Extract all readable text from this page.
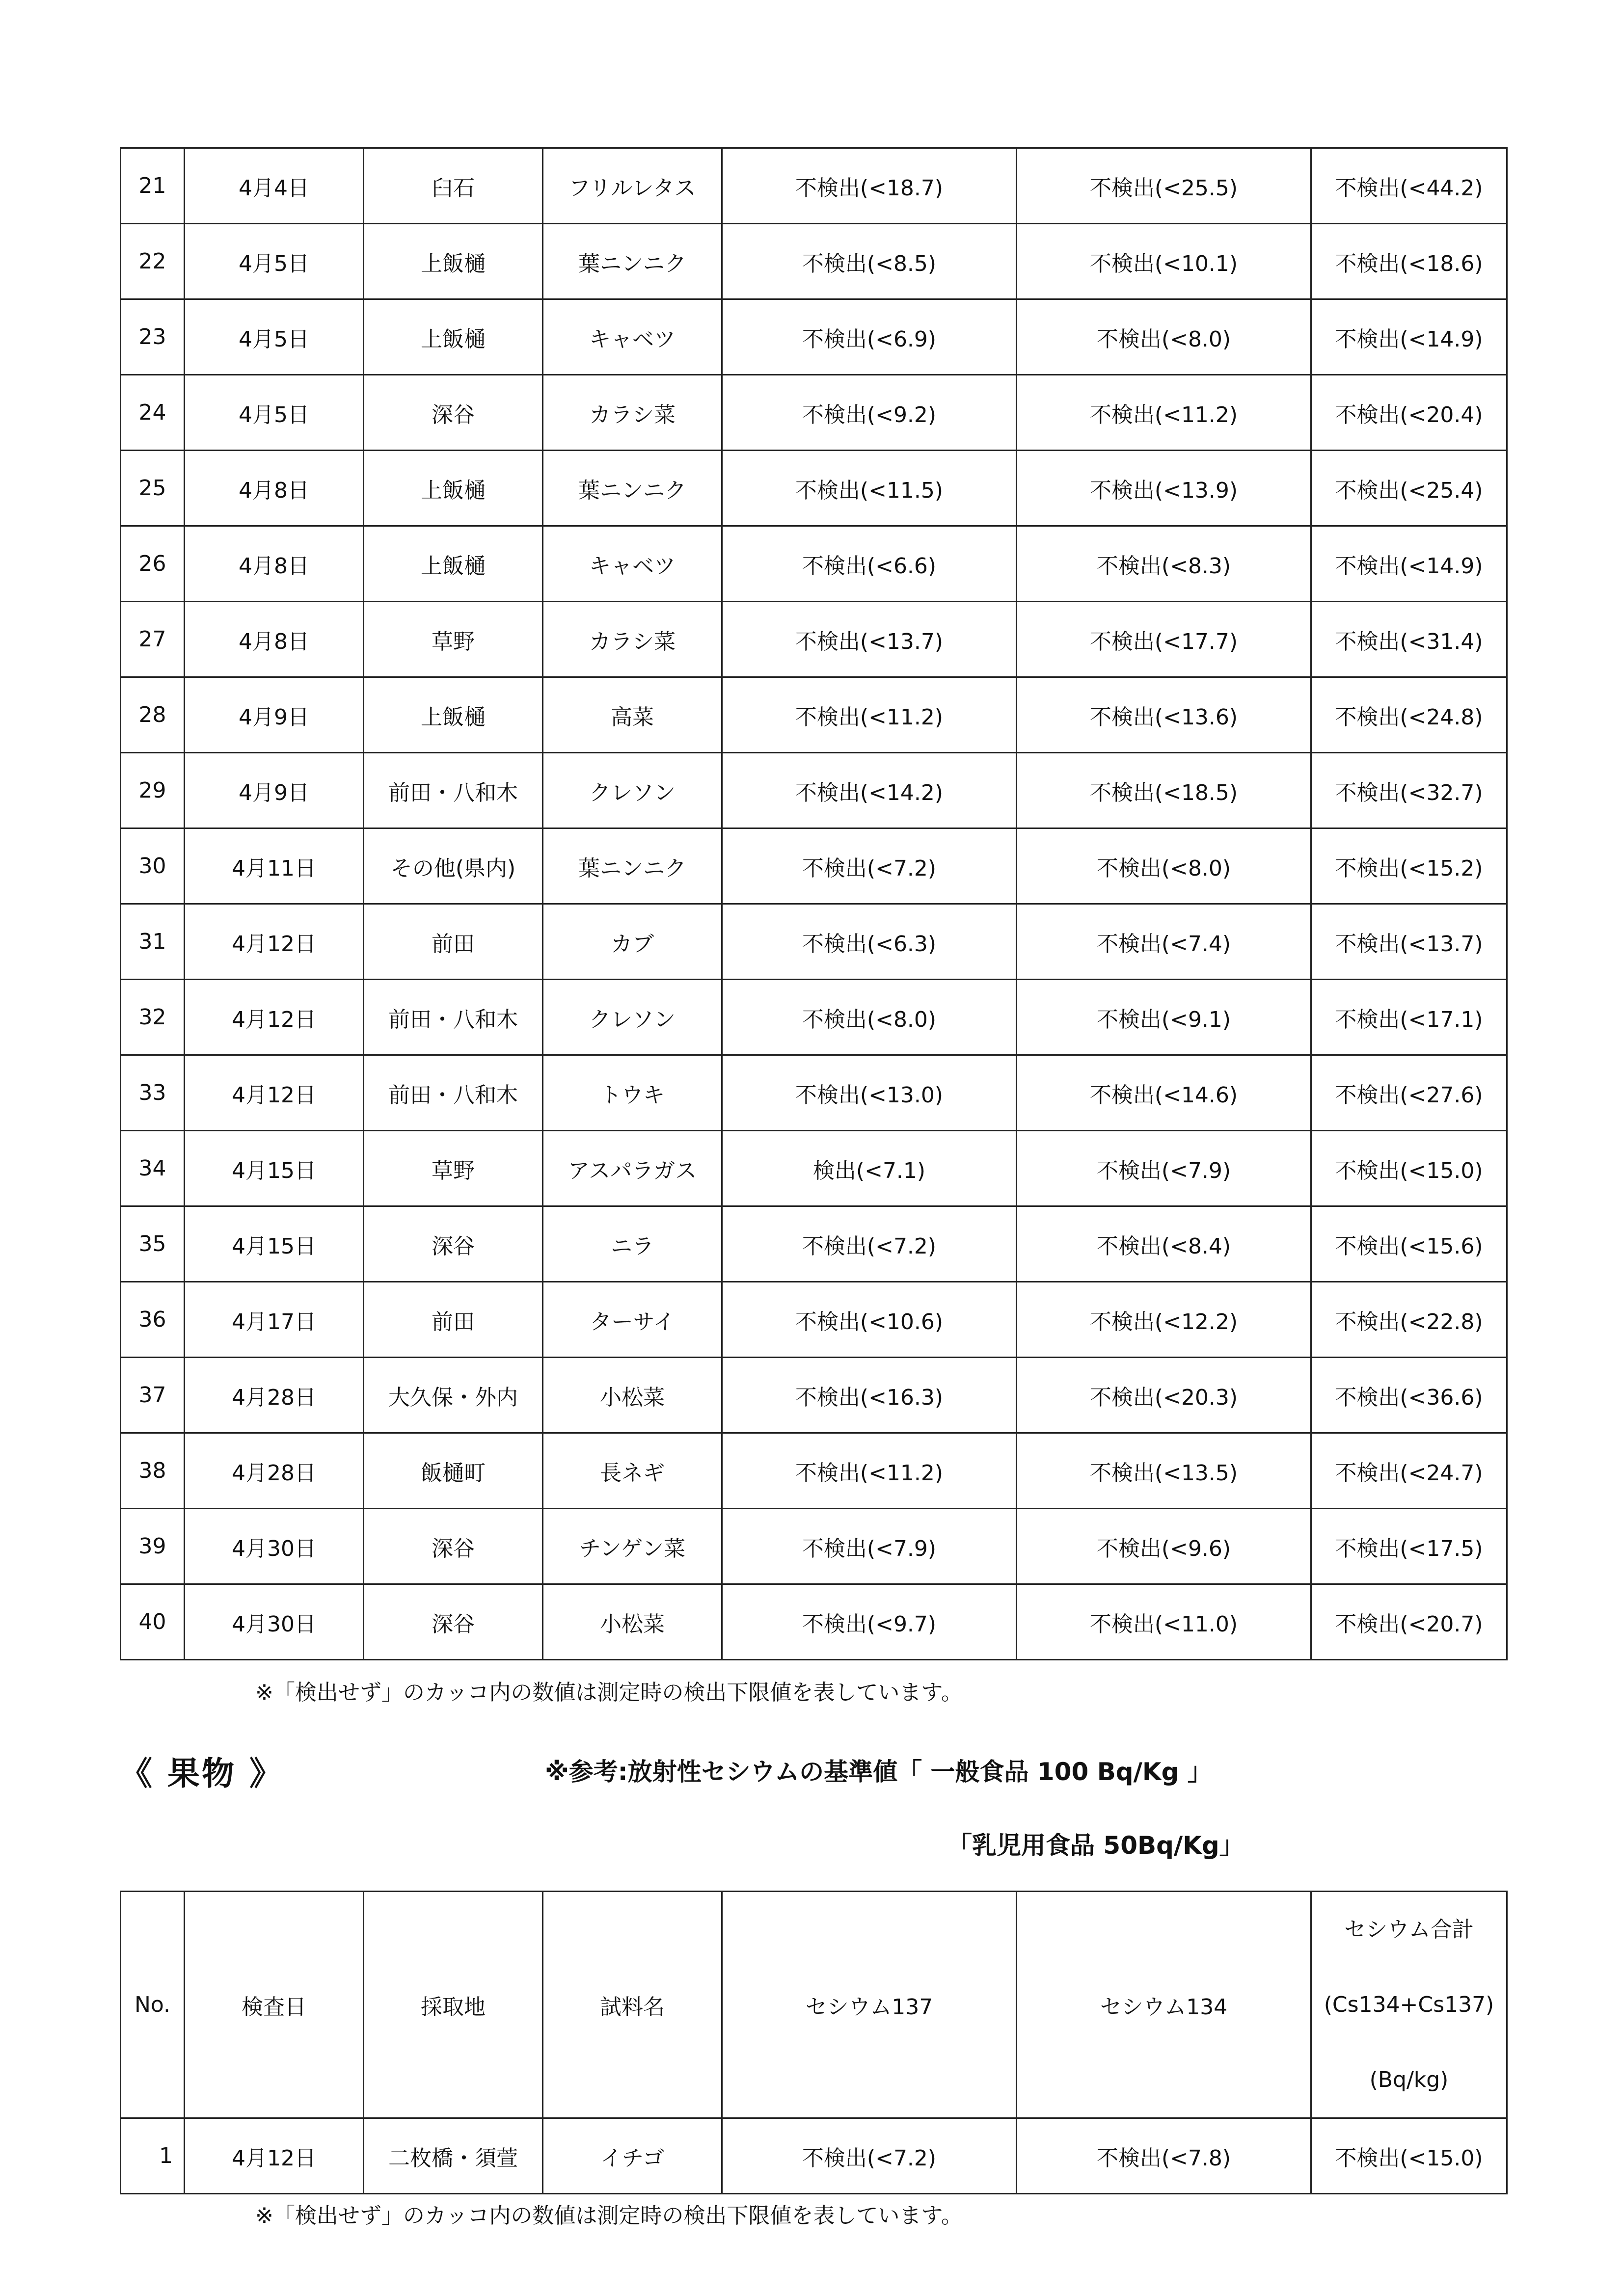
21	4月4日	臼石	フリルレタス	不検出(<18.7)	不検出(<25.5)	不検出(<44.2)
22	4月5日	上飯樋	葉ニンニク	不検出(<8.5)	不検出(<10.1)	不検出(<18.6)
23	4月5日	上飯樋	キャベツ	不検出(<6.9)	不検出(<8.0)	不検出(<14.9)
24	4月5日	深谷	カラシ菜	不検出(<9.2)	不検出(<11.2)	不検出(<20.4)
25	4月8日	上飯樋	葉ニンニク	不検出(<11.5)	不検出(<13.9)	不検出(<25.4)
26	4月8日	上飯樋	キャベツ	不検出(<6.6)	不検出(<8.3)	不検出(<14.9)
27	4月8日	草野	カラシ菜	不検出(<13.7)	不検出(<17.7)	不検出(<31.4)
28	4月9日	上飯樋	高菜	不検出(<11.2)	不検出(<13.6)	不検出(<24.8)
29	4月9日	前田・八和木	クレソン	不検出(<14.2)	不検出(<18.5)	不検出(<32.7)
30	4月11日	その他(県内)	葉ニンニク	不検出(<7.2)	不検出(<8.0)	不検出(<15.2)
31	4月12日	前田	カブ	不検出(<6.3)	不検出(<7.4)	不検出(<13.7)
32	4月12日	前田・八和木	クレソン	不検出(<8.0)	不検出(<9.1)	不検出(<17.1)
33	4月12日	前田・八和木	トウキ	不検出(<13.0)	不検出(<14.6)	不検出(<27.6)
34	4月15日	草野	アスパラガス	検出(<7.1)	不検出(<7.9)	不検出(<15.0)
35	4月15日	深谷	ニラ	不検出(<7.2)	不検出(<8.4)	不検出(<15.6)
36	4月17日	前田	ターサイ	不検出(<10.6)	不検出(<12.2)	不検出(<22.8)
37	4月28日	大久保・外内	小松菜	不検出(<16.3)	不検出(<20.3)	不検出(<36.6)
38	4月28日	飯樋町	長ネギ	不検出(<11.2)	不検出(<13.5)	不検出(<24.7)
39	4月30日	深谷	チンゲン菜	不検出(<7.9)	不検出(<9.6)	不検出(<17.5)
40	4月30日	深谷	小松菜	不検出(<9.7)	不検出(<11.0)	不検出(<20.7)
※「検出せず」のカッコ内の数値は測定時の検出下限値を表しています。
《 果物 》	※参考:放射性セシウムの基準値「 一般食品 100 Bq/Kg 」
「乳児用食品 50Bq/Kg」
No.	検査日	採取地	試料名	セシウム137	セシウム134	セシウム合計
(Cs134+Cs137)
(Bq/kg)

1	4月12日	二枚橋・須萱	イチゴ	不検出(<7.2)	不検出(<7.8)	不検出(<15.0)
※「検出せず」のカッコ内の数値は測定時の検出下限値を表しています。
